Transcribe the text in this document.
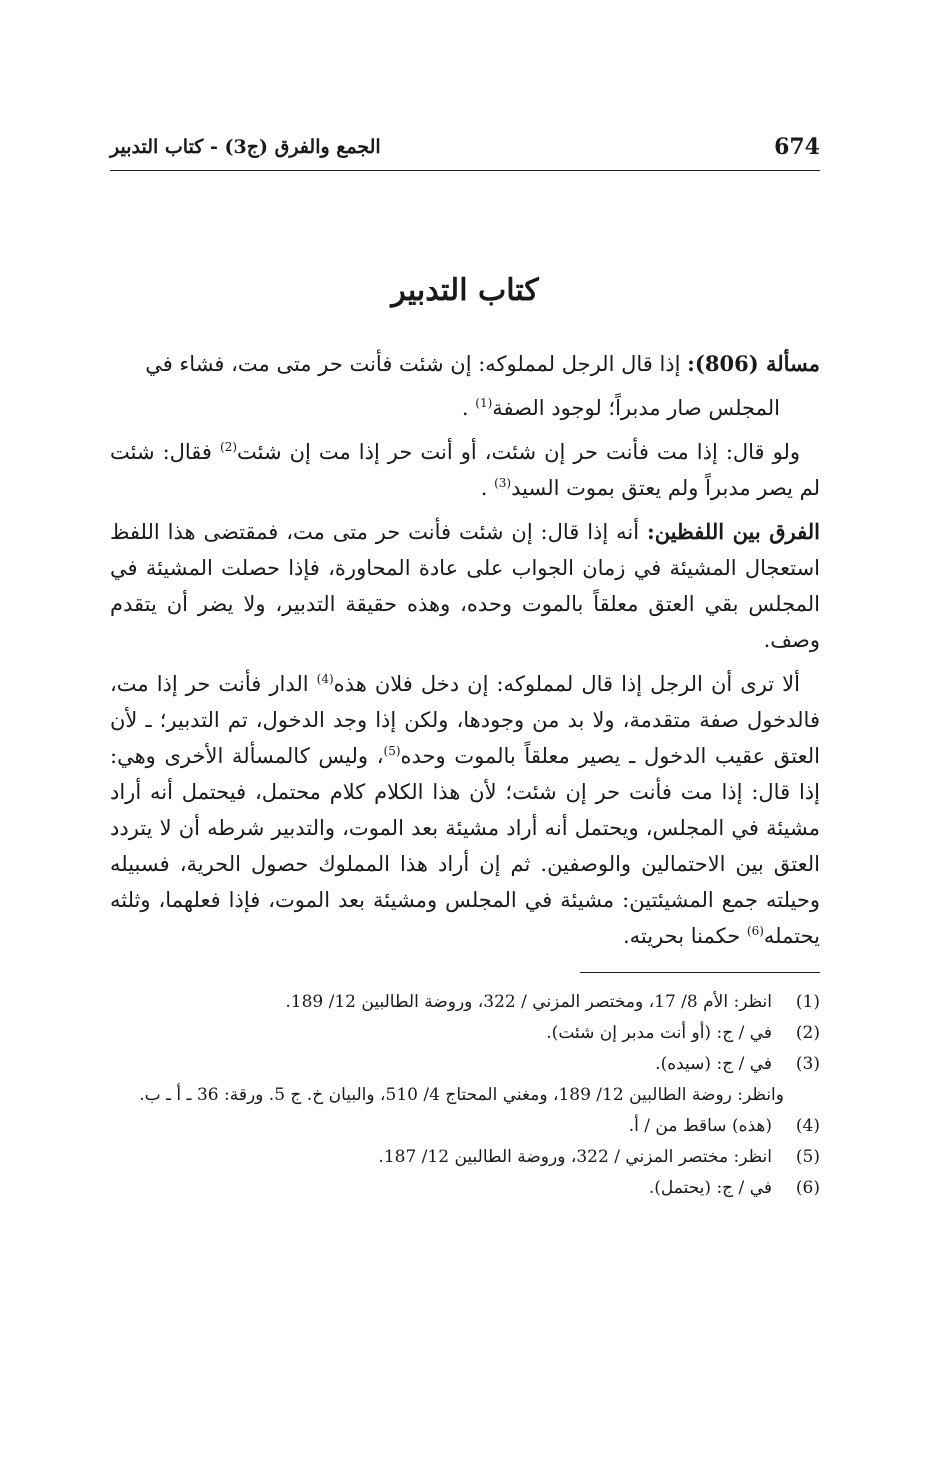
674
الجمع والفرق (ج3) - كتاب التدبير
كتاب التدبير

مسألة (806): إذا قال الرجل لمملوكه: إن شئت فأنت حر متى مت، فشاء في

المجلس صار مدبراً؛ لوجود الصفة$^{(1)}$ .

ولو قال: إذا مت فأنت حر إن شئت، أو أنت حر إذا مت إن شئت$^{(2)}$ فقال: شئت لم يصر مدبراً ولم يعتق بموت السيد$^{(3)}$ .

الفرق بين اللفظين: أنه إذا قال: إن شئت فأنت حر متى مت، فمقتضى هذا اللفظ استعجال المشيئة في زمان الجواب على عادة المحاورة، فإذا حصلت المشيئة في المجلس بقي العتق معلقاً بالموت وحده، وهذه حقيقة التدبير، ولا يضر أن يتقدم وصف.

ألا ترى أن الرجل إذا قال لمملوكه: إن دخل فلان هذه$^{(4)}$ الدار فأنت حر إذا مت، فالدخول صفة متقدمة، ولا بد من وجودها، ولكن إذا وجد الدخول، تم التدبير؛ ـ لأن العتق عقيب الدخول ـ يصير معلقاً بالموت وحده$^{(5)}$، وليس كالمسألة الأخرى وهي: إذا قال: إذا مت فأنت حر إن شئت؛ لأن هذا الكلام كلام محتمل، فيحتمل أنه أراد مشيئة في المجلس، ويحتمل أنه أراد مشيئة بعد الموت، والتدبير شرطه أن لا يتردد العتق بين الاحتمالين والوصفين. ثم إن أراد هذا المملوك حصول الحرية، فسبيله وحيلته جمع المشيئتين: مشيئة في المجلس ومشيئة بعد الموت، فإذا فعلهما، وثلثه يحتمله$^{(6)}$ حكمنا بحريته.

(1)
انظر: الأم 8/ 17، ومختصر المزني / 322، وروضة الطالبين 12/ 189.
(2)
في / ج: (أو أنت مدبر إن شئت).
(3)
في / ج: (سيده).
وانظر: روضة الطالبين 12/ 189، ومغني المحتاج 4/ 510، والبيان خ. ج 5. ورقة: 36 ـ أ ـ ب.
(4)
(هذه) ساقط من / أ.
(5)
انظر: مختصر المزني / 322، وروضة الطالبين 12/ 187.
(6)
في / ج: (يحتمل).
